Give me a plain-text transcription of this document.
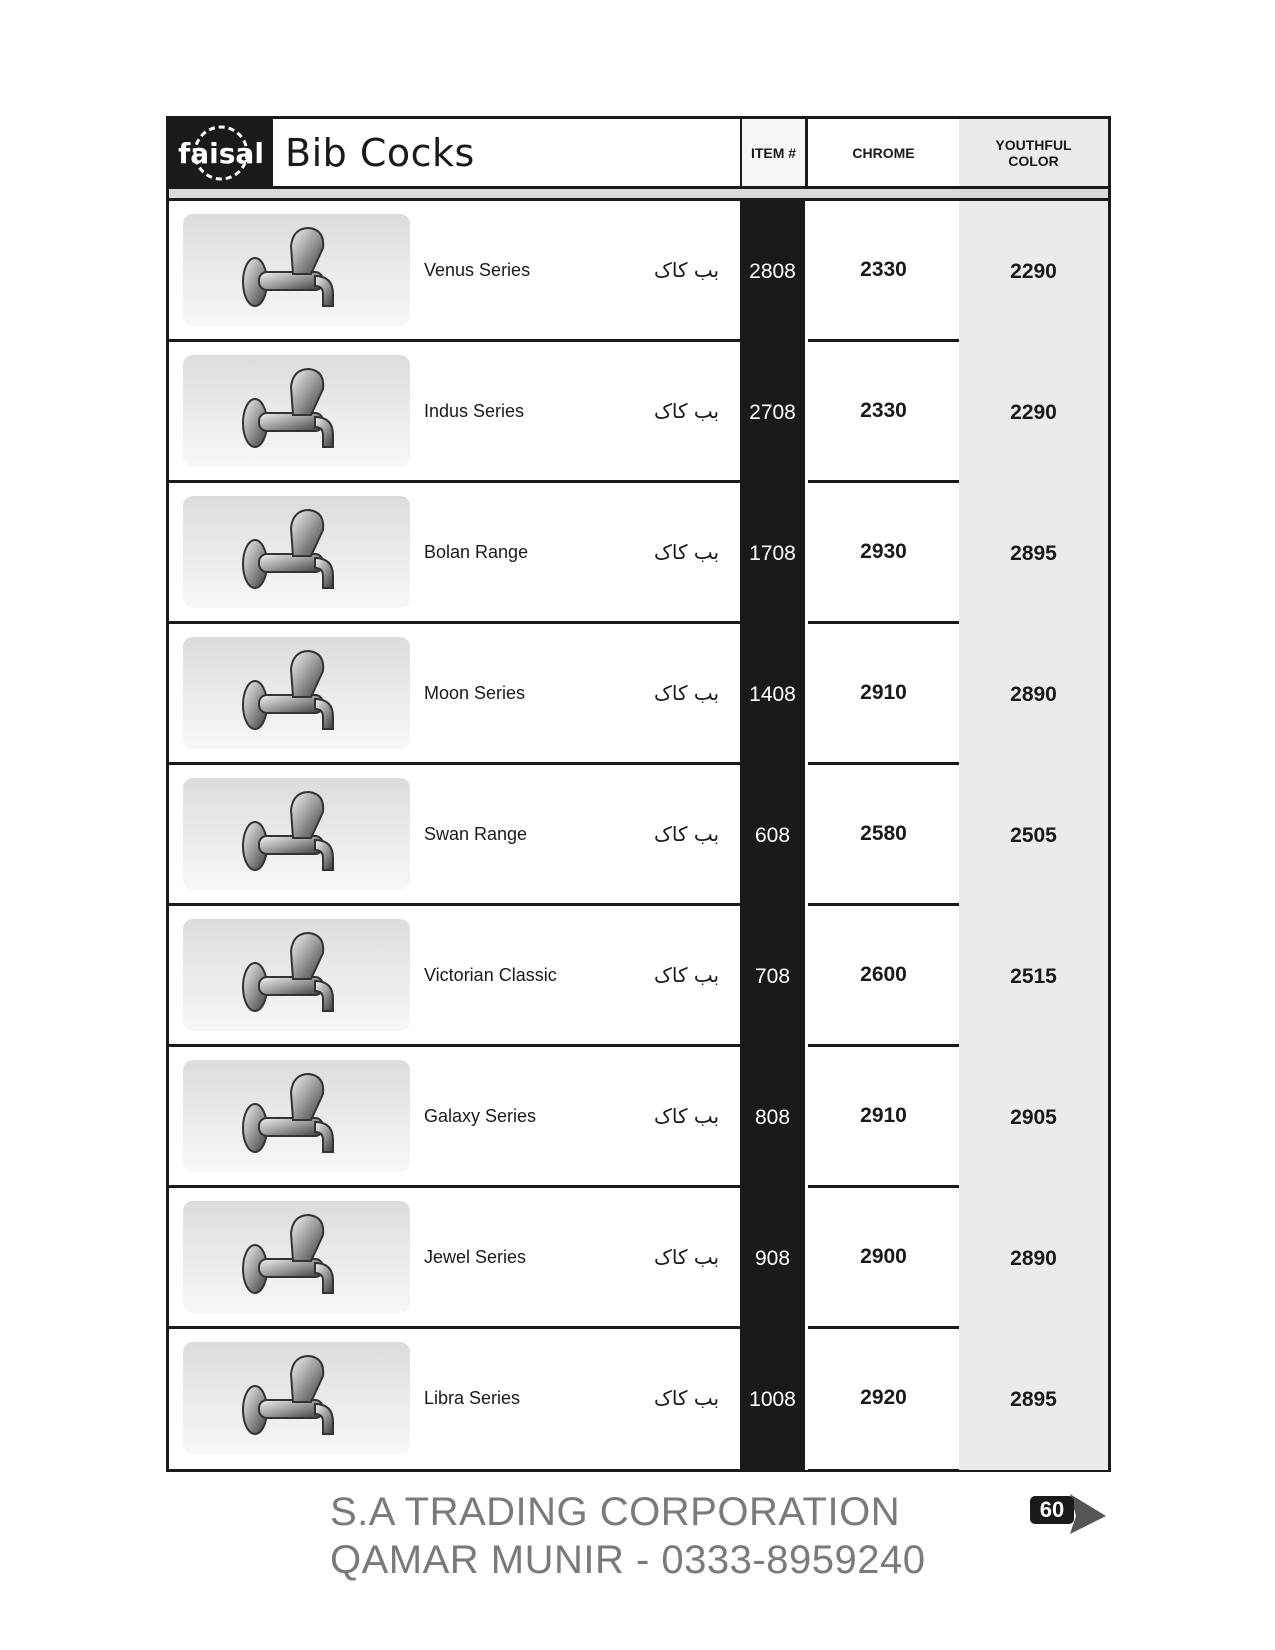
faisal Bib Cocks	ITEM #	CHROME	YOUTHFUL
COLOR
Venus Series	بب کاک	2808	2330	2290
Indus Series	بب کاک	2708	2330	2290
Bolan Range	بب کاک	1708	2930	2895
Moon Series	بب کاک	1408	2910	2890
Swan Range	بب کاک	608	2580	2505
Victorian Classic	بب کاک	708	2600	2515
Galaxy Series	بب کاک	808	2910	2905
Jewel Series	بب کاک	908	2900	2890
Libra Series	بب کاک	1008	2920	2895
S.A TRADING CORPORATION
QAMAR MUNIR - 0333-8959240
60
